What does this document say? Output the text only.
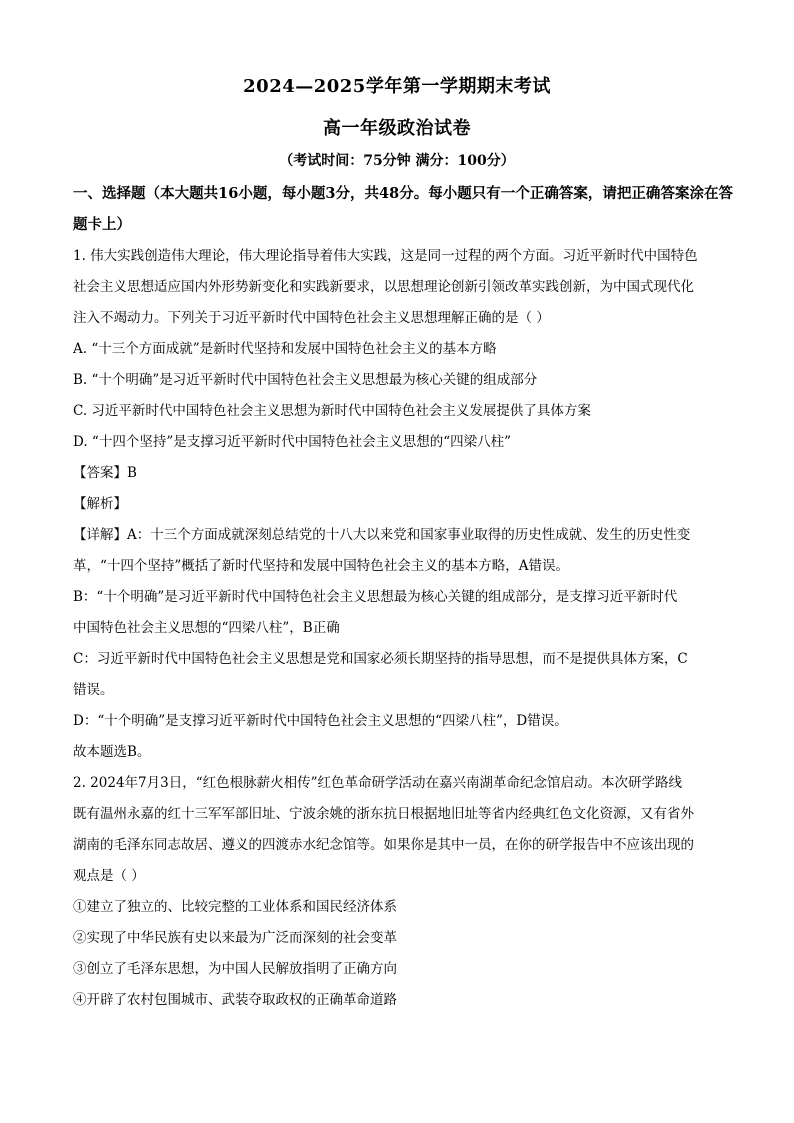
2024—2025学年第一学期期末考试
高一年级政治试卷
（考试时间：75分钟 满分：100分）
一、选择题（本大题共16小题，每小题3分，共48分。每小题只有一个正确答案，请把正确答案涂在答题卡上）
1. 伟大实践创造伟大理论，伟大理论指导着伟大实践，这是同一过程的两个方面。习近平新时代中国特色
社会主义思想适应国内外形势新变化和实践新要求，以思想理论创新引领改革实践创新，为中国式现代化
注入不竭动力。下列关于习近平新时代中国特色社会主义思想理解正确的是（ ）
A. “十三个方面成就”是新时代坚持和发展中国特色社会主义的基本方略
B. “十个明确”是习近平新时代中国特色社会主义思想最为核心关键的组成部分
C. 习近平新时代中国特色社会主义思想为新时代中国特色社会主义发展提供了具体方案
D. “十四个坚持”是支撑习近平新时代中国特色社会主义思想的“四梁八柱”
【答案】B
【解析】
【详解】A：十三个方面成就深刻总结党的十八大以来党和国家事业取得的历史性成就、发生的历史性变
革，“十四个坚持”概括了新时代坚持和发展中国特色社会主义的基本方略，A错误。
B：“十个明确”是习近平新时代中国特色社会主义思想最为核心关键的组成部分，是支撑习近平新时代
中国特色社会主义思想的“四梁八柱”，B正确
C：习近平新时代中国特色社会主义思想是党和国家必须长期坚持的指导思想，而不是提供具体方案，C
错误。
D：“十个明确”是支撑习近平新时代中国特色社会主义思想的“四梁八柱”，D错误。
故本题选B。
2. 2024年7月3日，“红色根脉薪火相传”红色革命研学活动在嘉兴南湖革命纪念馆启动。本次研学路线
既有温州永嘉的红十三军军部旧址、宁波余姚的浙东抗日根据地旧址等省内经典红色文化资源，又有省外
湖南的毛泽东同志故居、遵义的四渡赤水纪念馆等。如果你是其中一员，在你的研学报告中不应该出现的
观点是（ ）
①建立了独立的、比较完整的工业体系和国民经济体系
②实现了中华民族有史以来最为广泛而深刻的社会变革
③创立了毛泽东思想，为中国人民解放指明了正确方向
④开辟了农村包围城市、武装夺取政权的正确革命道路
